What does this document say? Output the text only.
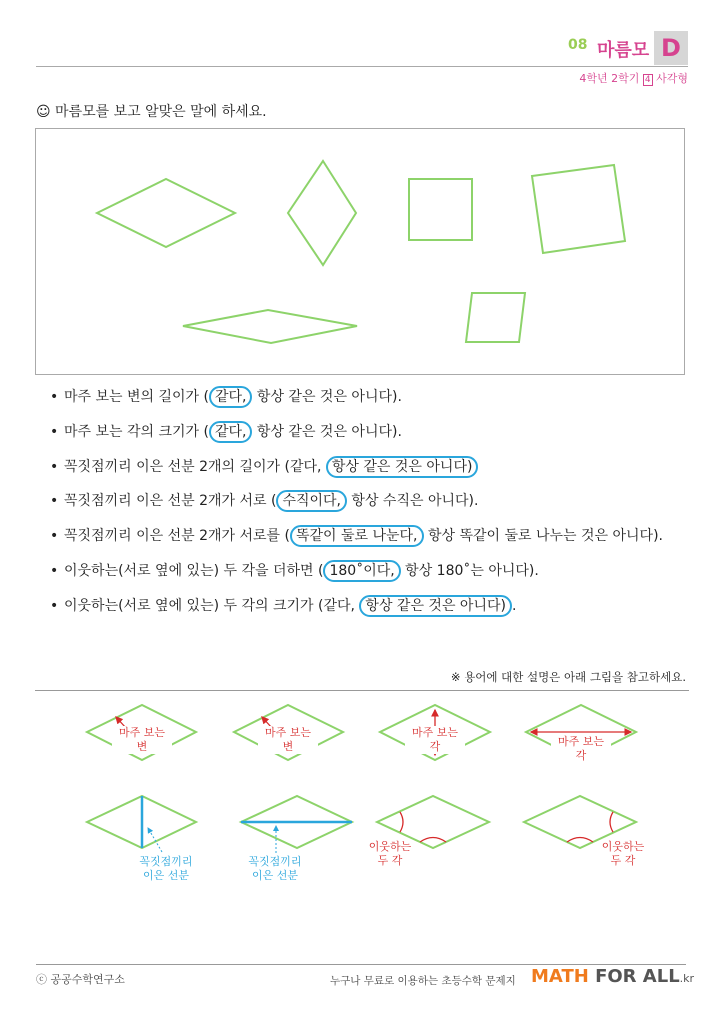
08 마름모 D
4학년 2학기 4 사각형
☺ 마름모를 보고 알맞은 말에 하세요.
• 마주 보는 변의 길이가 ( 같다, 항상 같은 것은 아니다).
• 마주 보는 각의 크기가 ( 같다, 항상 같은 것은 아니다).
• 꼭짓점끼리 이은 선분 2개의 길이가 (같다, 항상 같은 것은 아니다)
• 꼭짓점끼리 이은 선분 2개가 서로 ( 수직이다, 항상 수직은 아니다).
• 꼭짓점끼리 이은 선분 2개가 서로를 ( 똑같이 둘로 나눈다, 항상 똑같이 둘로 나누는 것은 아니다).
• 이웃하는(서로 옆에 있는) 두 각을 더하면 ( 180˚이다, 항상 180˚는 아니다).
• 이웃하는(서로 옆에 있는) 두 각의 크기가 (같다, 항상 같은 것은 아니다) .
※ 용어에 대한 설명은 아래 그림을 참고하세요.
마주 보는 변
마주 보는 변
마주 보는 각	마주 보는 각
꼭짓점끼리
이은 선분
꼭짓점끼리
이은 선분
이웃하는
두 각
이웃하는
두 각
ⓒ 공공수학연구소	누구나 무료로 이용하는 초등수학 문제지 MATH FOR ALL.kr
